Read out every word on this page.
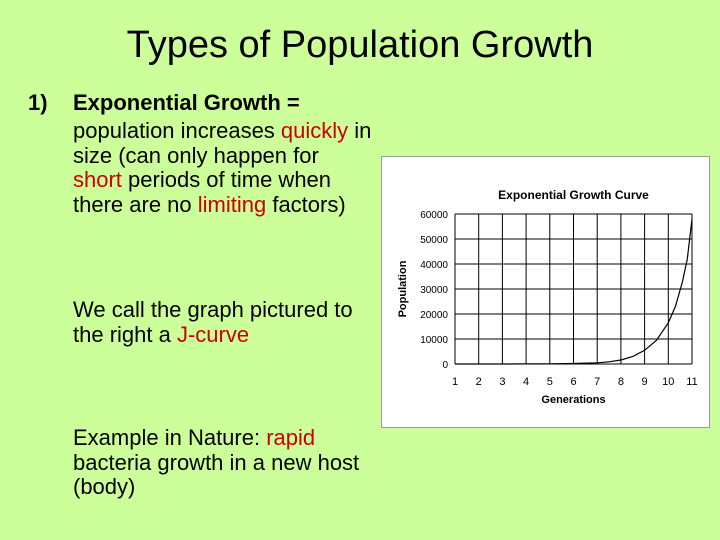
Types of Population Growth
1) Exponential Growth =
population increases quickly in size (can only happen for short periods of time when there are no limiting factors)
We call the graph pictured to the right a J-curve
Example in Nature: rapid bacteria growth in a new host (body)
Exponential Growth Curve
Population
Generations
0
10000
20000
30000
40000
50000
60000
1 2 3 4 5 6 7 8 9 10 11
